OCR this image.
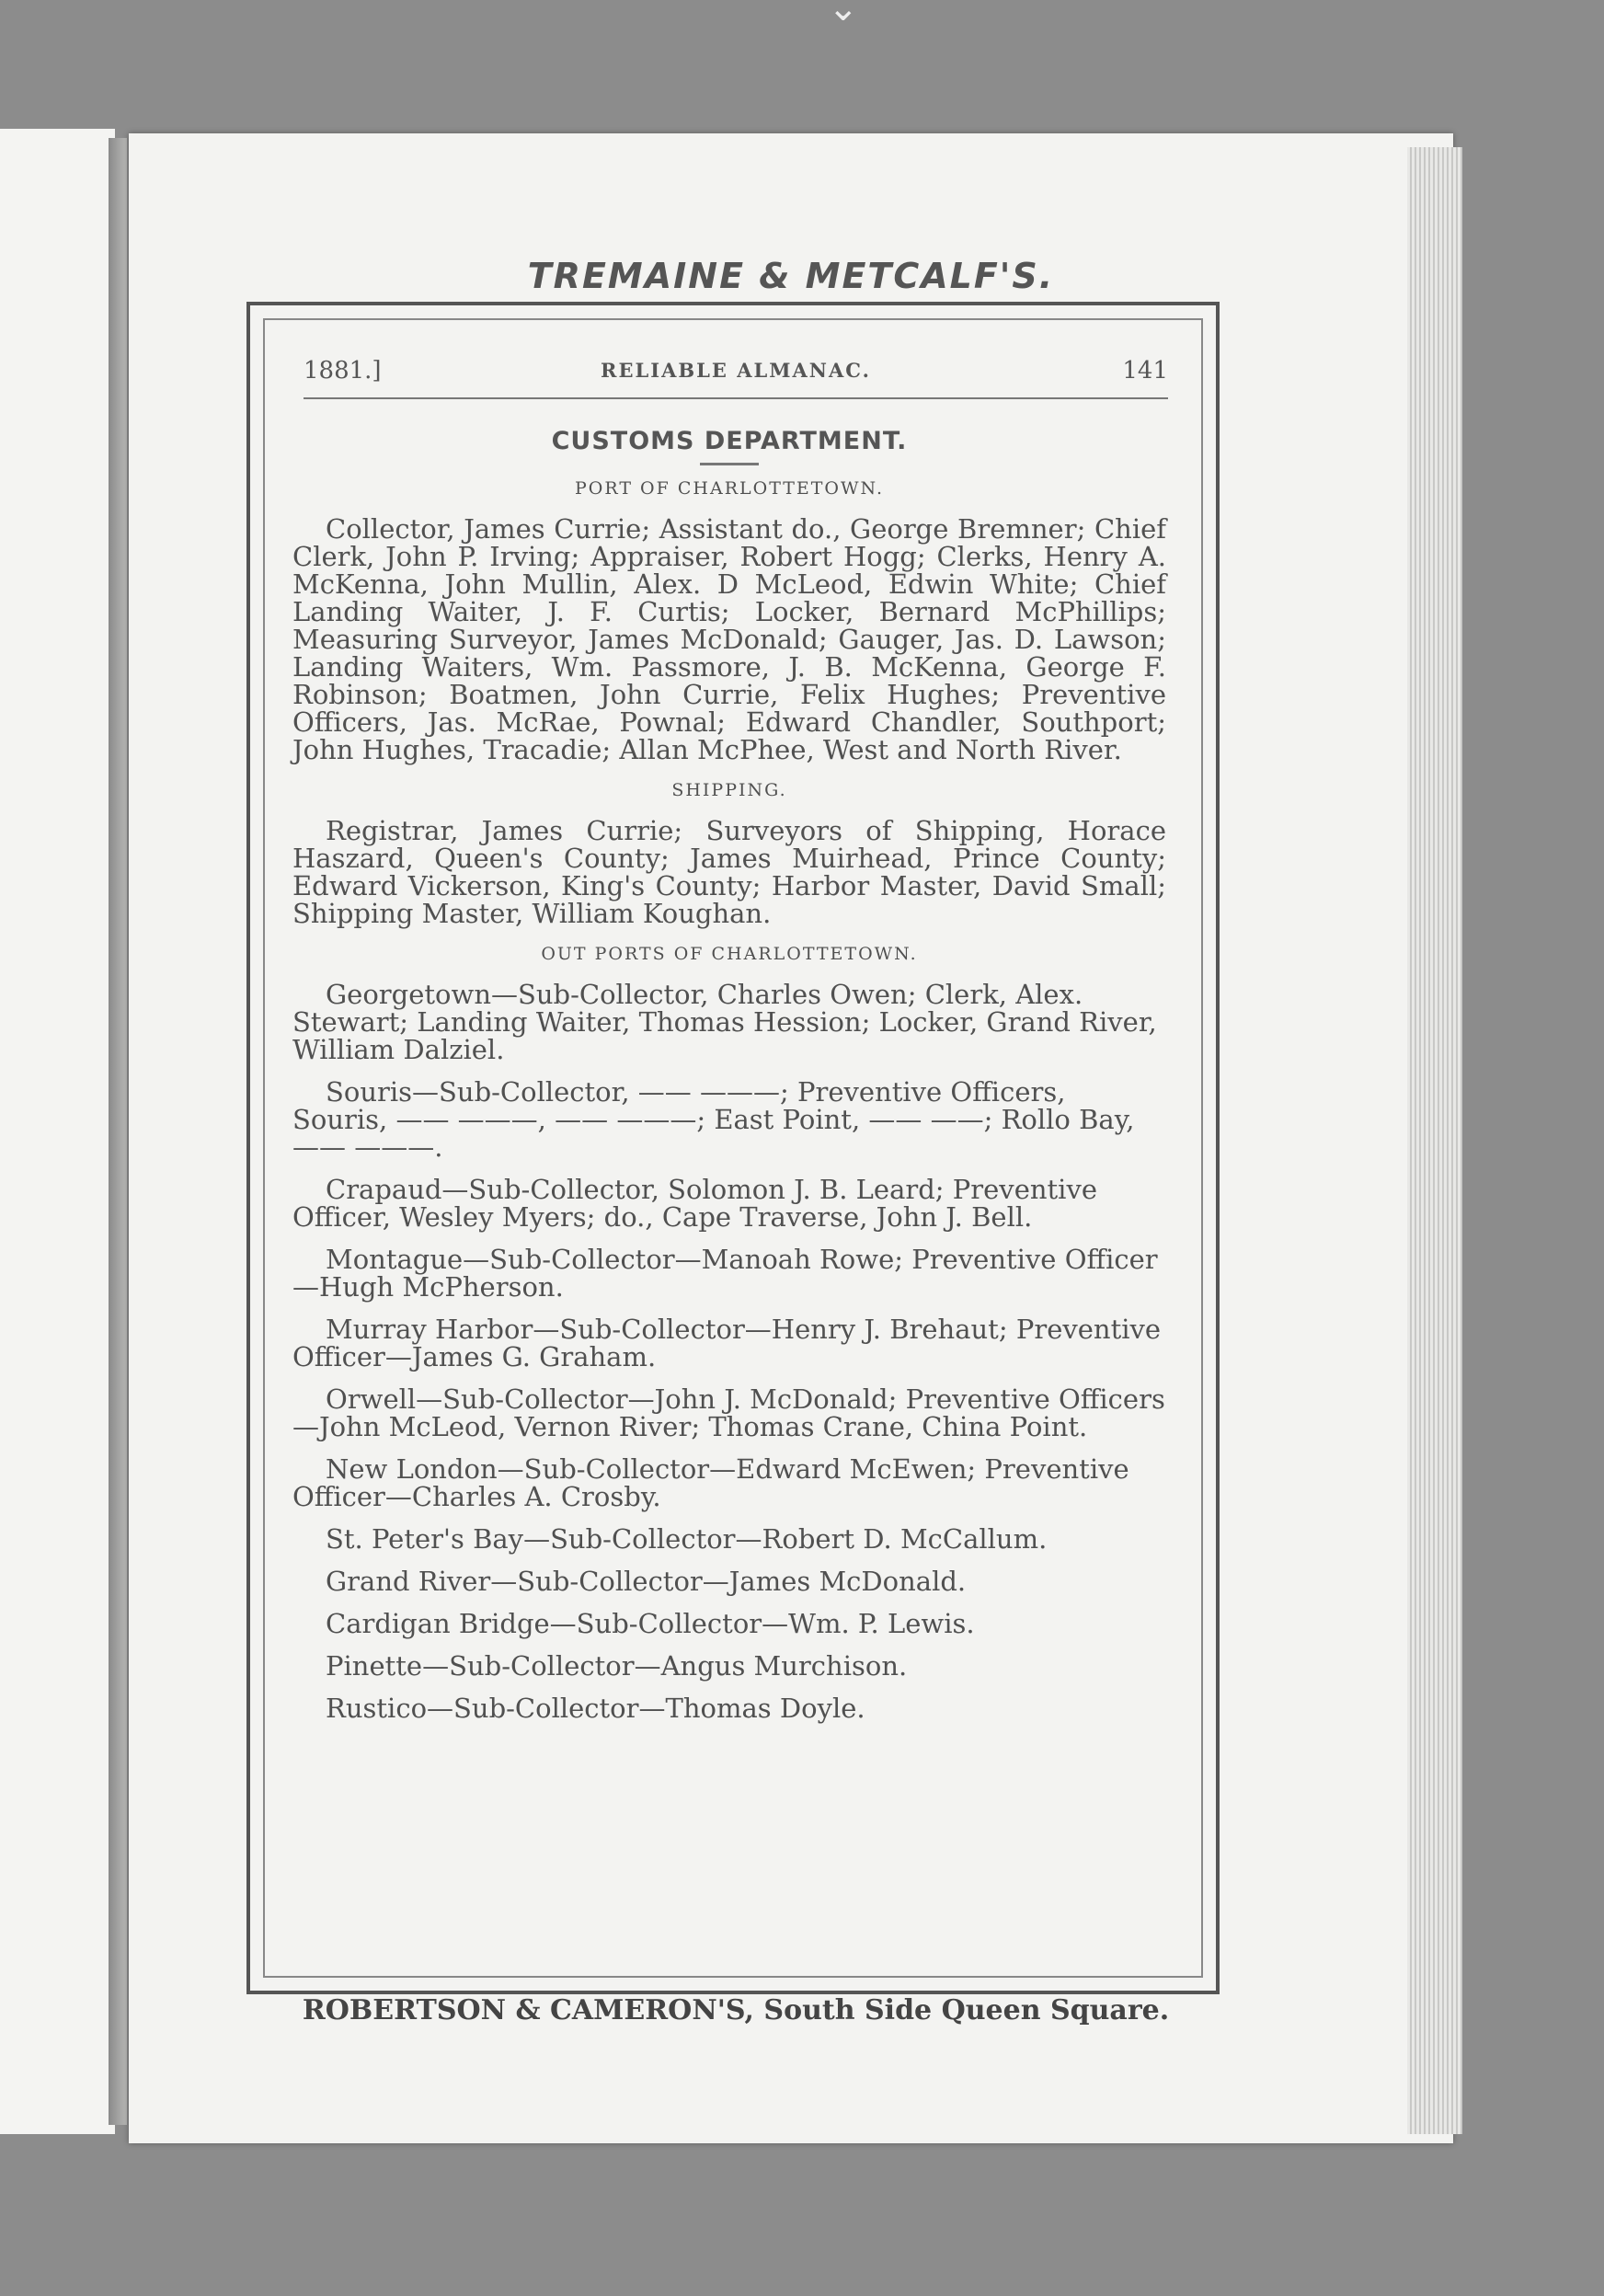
⌄
TREMAINE & METCALF'S.
1881.]	RELIABLE ALMANAC.	141
CUSTOMS DEPARTMENT.
PORT OF CHARLOTTETOWN.

Collector, James Currie; Assistant do., George Bremner; Chief Clerk, John P. Irving; Appraiser, Robert Hogg; Clerks, Henry A. McKenna, John Mullin, Alex. D McLeod, Edwin White; Chief Landing Waiter, J. F. Curtis; Locker, Bernard McPhillips; Measuring Surveyor, James McDonald; Gauger, Jas. D. Lawson; Landing Waiters, Wm. Passmore, J. B. McKenna, George F. Robinson; Boatmen, John Currie, Felix Hughes; Preventive Officers, Jas. McRae, Pownal; Edward Chandler, Southport; John Hughes, Tracadie; Allan McPhee, West and North River.

SHIPPING.

Registrar, James Currie; Surveyors of Shipping, Horace Haszard, Queen's County; James Muirhead, Prince County; Edward Vickerson, King's County; Harbor Master, David Small; Shipping Master, William Koughan.

OUT PORTS OF CHARLOTTETOWN.

Georgetown—Sub-Collector, Charles Owen; Clerk, Alex. Stewart; Landing Waiter, Thomas Hession; Locker, Grand River, William Dalziel.

Souris—Sub-Collector, —— ———; Preventive Officers, Souris, —— ———, —— ———; East Point, —— ——; Rollo Bay, —— ———.

Crapaud—Sub-Collector, Solomon J. B. Leard; Preventive Officer, Wesley Myers; do., Cape Traverse, John J. Bell.

Montague—Sub-Collector—Manoah Rowe; Preventive Officer—Hugh McPherson.

Murray Harbor—Sub-Collector—Henry J. Brehaut; Preventive Officer—James G. Graham.

Orwell—Sub-Collector—John J. McDonald; Preventive Officers—John McLeod, Vernon River; Thomas Crane, China Point.

New London—Sub-Collector—Edward McEwen; Preventive Officer—Charles A. Crosby.

St. Peter's Bay—Sub-Collector—Robert D. McCallum.

Grand River—Sub-Collector—James McDonald.

Cardigan Bridge—Sub-Collector—Wm. P. Lewis.

Pinette—Sub-Collector—Angus Murchison.

Rustico—Sub-Collector—Thomas Doyle.

ROBERTSON & CAMERON'S, South Side Queen Square.
